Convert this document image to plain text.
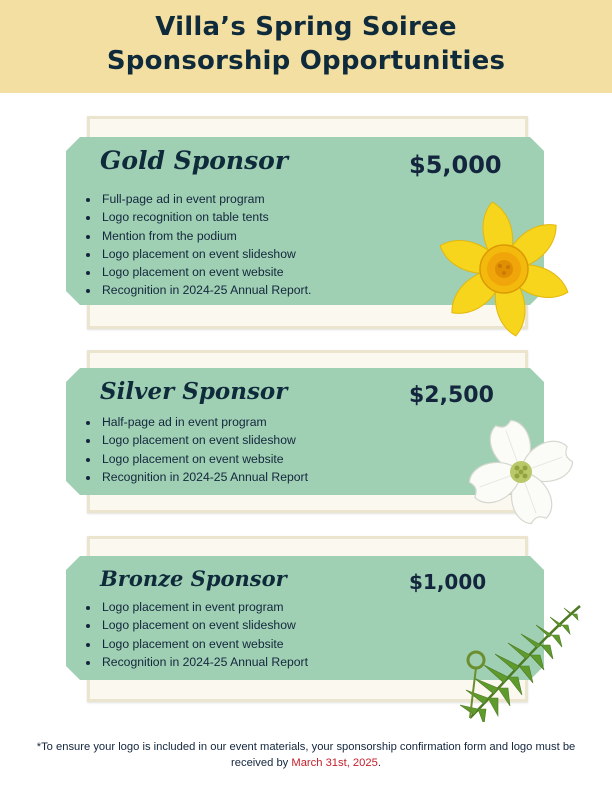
Villa’s Spring Soiree
Sponsorship Opportunities
Gold Sponsor	$5,000
• Full-page ad in event program
• Logo recognition on table tents
• Mention from the podium
• Logo placement on event slideshow
• Logo placement on event website
• Recognition in 2024-25 Annual Report.
Silver Sponsor	$2,500
• Half-page ad in event program
• Logo placement on event slideshow
• Logo placement on event website
• Recognition in 2024-25 Annual Report
Bronze Sponsor	$1,000
• Logo placement in event program
• Logo placement on event slideshow
• Logo placement on event website
• Recognition in 2024-25 Annual Report
*To ensure your logo is included in our event materials, your sponsorship confirmation form and logo must be received by March 31st, 2025.
